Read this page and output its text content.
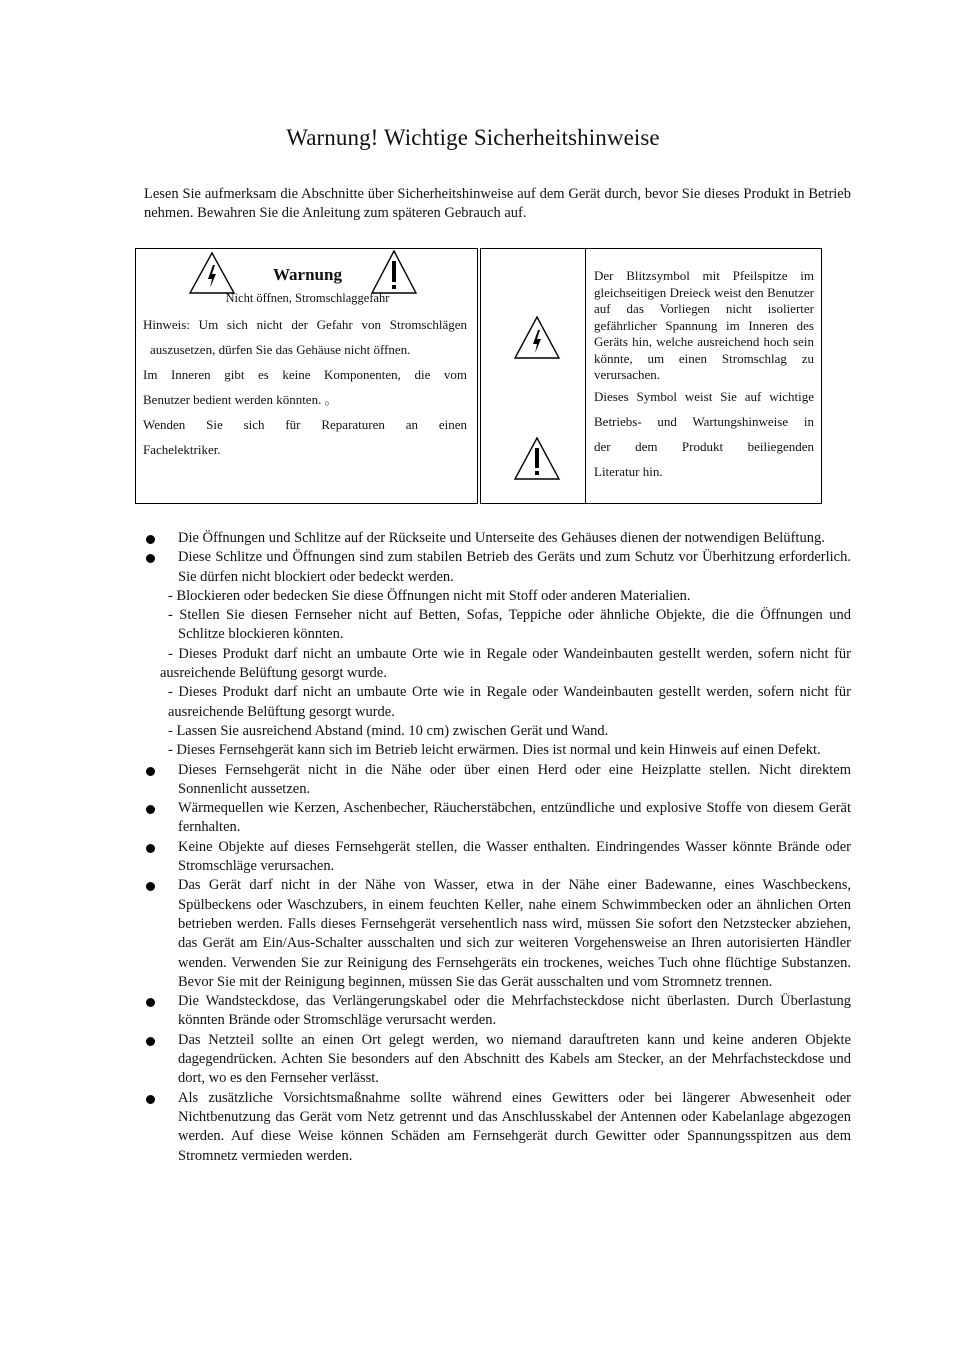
Warnung! Wichtige Sicherheitshinweise
Lesen Sie aufmerksam die Abschnitte über Sicherheitshinweise auf dem Gerät durch, bevor Sie dieses Produkt in Betrieb nehmen. Bewahren Sie die Anleitung zum späteren Gebrauch auf.
Warnung
Nicht öffnen, Stromschlaggefahr
Hinweis: Um sich nicht der Gefahr von Stromschlägen
auszusetzen, dürfen Sie das Gehäuse nicht öffnen.
Im Inneren gibt es keine Komponenten, die vom
Benutzer bedient werden könnten. 。
Wenden Sie sich für Reparaturen an einen
Fachelektriker.
Der Blitzsymbol mit Pfeilspitze im gleichseitigen Dreieck weist den Benutzer auf das Vorliegen nicht isolierter gefährlicher Spannung im Inneren des Geräts hin, welche ausreichend hoch sein könnte, um einen Stromschlag zu verursachen.
Dieses Symbol weist Sie auf wichtige
Betriebs- und Wartungshinweise in
der dem Produkt beiliegenden
Literatur hin.
Die Öffnungen und Schlitze auf der Rückseite und Unterseite des Gehäuses dienen der notwendigen Belüftung.
Diese Schlitze und Öffnungen sind zum stabilen Betrieb des Geräts und zum Schutz vor Überhitzung erforderlich. Sie dürfen nicht blockiert oder bedeckt werden.
- Blockieren oder bedecken Sie diese Öffnungen nicht mit Stoff oder anderen Materialien.
- Stellen Sie diesen Fernseher nicht auf Betten, Sofas, Teppiche oder ähnliche Objekte, die die Öffnungen und Schlitze blockieren könnten.
- Dieses Produkt darf nicht an umbaute Orte wie in Regale oder Wandeinbauten gestellt werden, sofern nicht für ausreichende Belüftung gesorgt wurde.
- Dieses Produkt darf nicht an umbaute Orte wie in Regale oder Wandeinbauten gestellt werden, sofern nicht für ausreichende Belüftung gesorgt wurde.
- Lassen Sie ausreichend Abstand (mind. 10 cm) zwischen Gerät und Wand.
- Dieses Fernsehgerät kann sich im Betrieb leicht erwärmen. Dies ist normal und kein Hinweis auf einen Defekt.
Dieses Fernsehgerät nicht in die Nähe oder über einen Herd oder eine Heizplatte stellen. Nicht direktem Sonnenlicht aussetzen.
Wärmequellen wie Kerzen, Aschenbecher, Räucherstäbchen, entzündliche und explosive Stoffe von diesem Gerät fernhalten.
Keine Objekte auf dieses Fernsehgerät stellen, die Wasser enthalten. Eindringendes Wasser könnte Brände oder Stromschläge verursachen.
Das Gerät darf nicht in der Nähe von Wasser, etwa in der Nähe einer Badewanne, eines Waschbeckens, Spülbeckens oder Waschzubers, in einem feuchten Keller, nahe einem Schwimmbecken oder an ähnlichen Orten betrieben werden. Falls dieses Fernsehgerät versehentlich nass wird, müssen Sie sofort den Netzstecker abziehen, das Gerät am Ein/Aus-Schalter ausschalten und sich zur weiteren Vorgehensweise an Ihren autorisierten Händler wenden. Verwenden Sie zur Reinigung des Fernsehgeräts ein trockenes, weiches Tuch ohne flüchtige Substanzen. Bevor Sie mit der Reinigung beginnen, müssen Sie das Gerät ausschalten und vom Stromnetz trennen.
Die Wandsteckdose, das Verlängerungskabel oder die Mehrfachsteckdose nicht überlasten. Durch Überlastung könnten Brände oder Stromschläge verursacht werden.
Das Netzteil sollte an einen Ort gelegt werden, wo niemand darauftreten kann und keine anderen Objekte dagegendrücken. Achten Sie besonders auf den Abschnitt des Kabels am Stecker, an der Mehrfachsteckdose und dort, wo es den Fernseher verlässt.
Als zusätzliche Vorsichtsmaßnahme sollte während eines Gewitters oder bei längerer Abwesenheit oder Nichtbenutzung das Gerät vom Netz getrennt und das Anschlusskabel der Antennen oder Kabelanlage abgezogen werden. Auf diese Weise können Schäden am Fernsehgerät durch Gewitter oder Spannungsspitzen aus dem Stromnetz vermieden werden.
